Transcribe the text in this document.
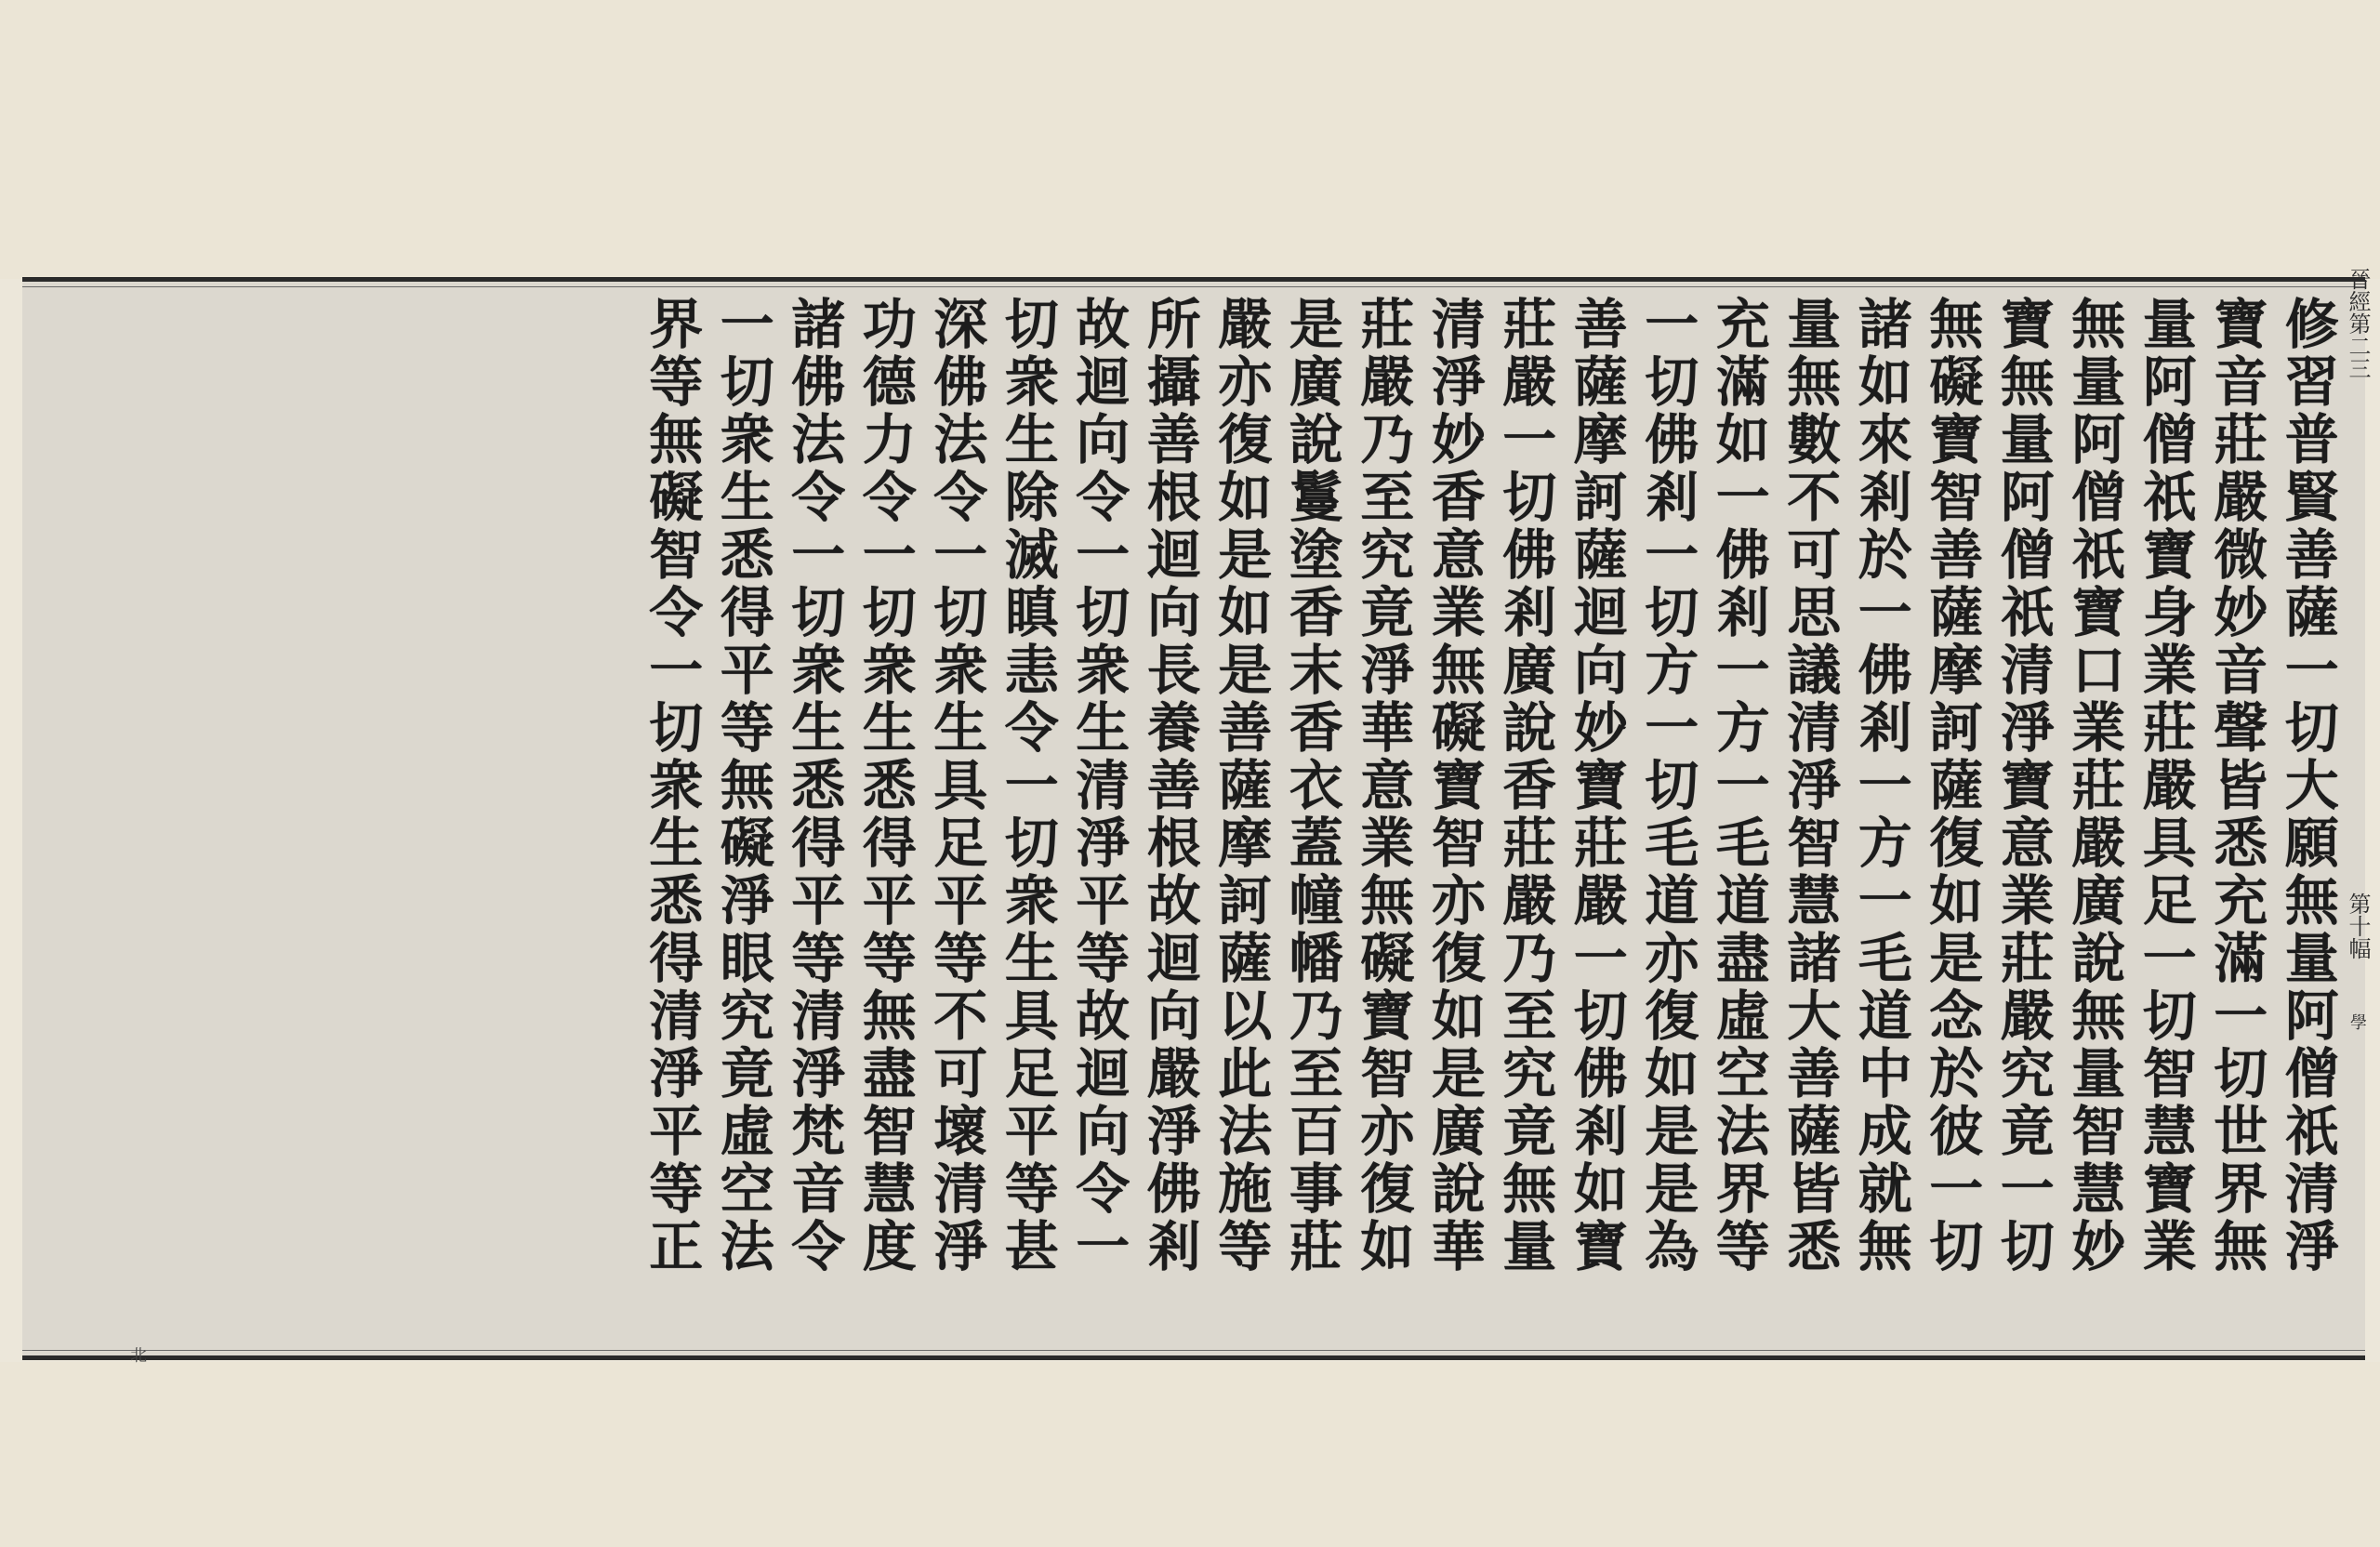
修習普賢善薩一切大願無量阿僧祇清淨
寶音莊嚴微妙音聲皆悉充滿一切世界無
量阿僧祇寶身業莊嚴具足一切智慧寶業
無量阿僧祇寶口業莊嚴廣說無量智慧妙
寶無量阿僧祇清淨寶意業莊嚴究竟一切
無礙寶智善薩摩訶薩復如是念於彼一切
諸如來剎於一佛剎一方一毛道中成就無
量無數不可思議清淨智慧諸大善薩皆悉
充滿如一佛剎一方一毛道盡虛空法界等
一切佛剎一切方一切毛道亦復如是是為
善薩摩訶薩迴向妙寶莊嚴一切佛剎如寶
莊嚴一切佛剎廣說香莊嚴乃至究竟無量
清淨妙香意業無礙寶智亦復如是廣說華
莊嚴乃至究竟淨華意業無礙寶智亦復如
是廣說鬘塗香末香衣蓋幢幡乃至百事莊
嚴亦復如是如是善薩摩訶薩以此法施等
所攝善根迴向長養善根故迴向嚴淨佛剎
故迴向令一切衆生清淨平等故迴向令一
切衆生除滅瞋恚令一切衆生具足平等甚
深佛法令一切衆生具足平等不可壞清淨
功德力令一切衆生悉得平等無盡智慧度
諸佛法令一切衆生悉得平等清淨梵音令
一切衆生悉得平等無礙淨眼究竟虛空法
界等無礙智令一切衆生悉得清淨平等正	晉經第二三
第十幅
學
北
